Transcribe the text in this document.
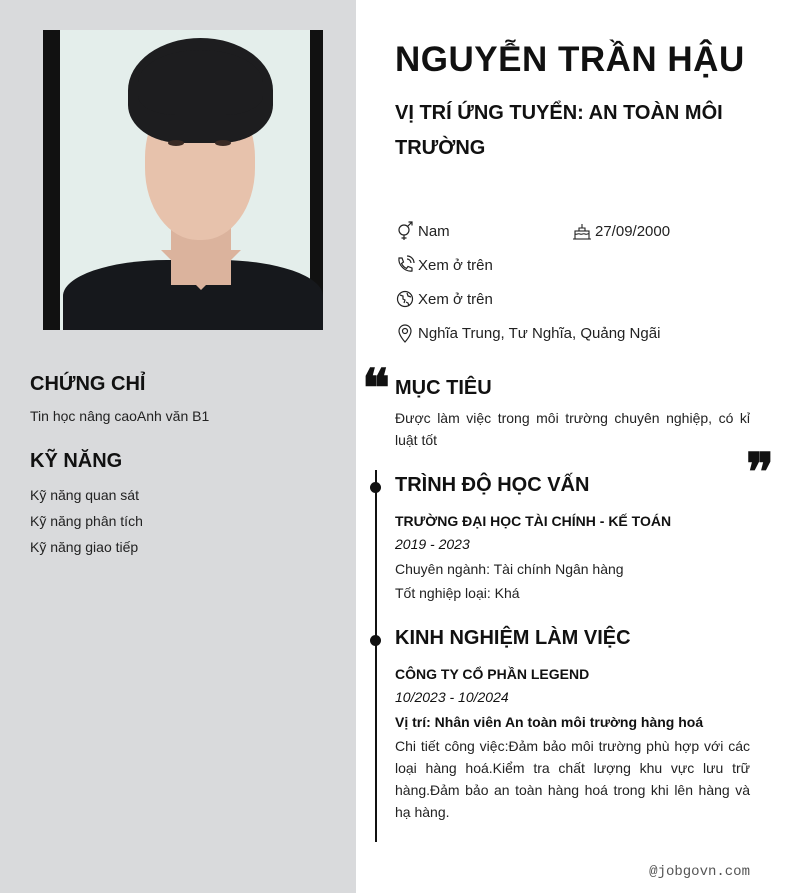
CHỨNG CHỈ
Tin học nâng caoAnh văn B1
KỸ NĂNG
Kỹ năng quan sát
Kỹ năng phân tích
Kỹ năng giao tiếp
NGUYỄN TRẦN HẬU
VỊ TRÍ ỨNG TUYỂN: AN TOÀN MÔI TRƯỜNG
Nam	27/09/2000
Xem ở trên
Xem ở trên
Nghĩa Trung, Tư Nghĩa, Quảng Ngãi
❝ MỤC TIÊU
Được làm việc trong môi trường chuyên nghiệp, có kỉ luật tốt
❞
TRÌNH ĐỘ HỌC VẤN
TRƯỜNG ĐẠI HỌC TÀI CHÍNH - KẾ TOÁN
2019 - 2023
Chuyên ngành: Tài chính Ngân hàng
Tốt nghiệp loại: Khá
KINH NGHIỆM LÀM VIỆC
CÔNG TY CỔ PHẦN LEGEND
10/2023 - 10/2024
Vị trí: Nhân viên An toàn môi trường hàng hoá
Chi tiết công việc:Đảm bảo môi trường phù hợp với các loại hàng hoá.Kiểm tra chất lượng khu vực lưu trữ hàng.Đảm bảo an toàn hàng hoá trong khi lên hàng và hạ hàng.
@jobgovn.com
